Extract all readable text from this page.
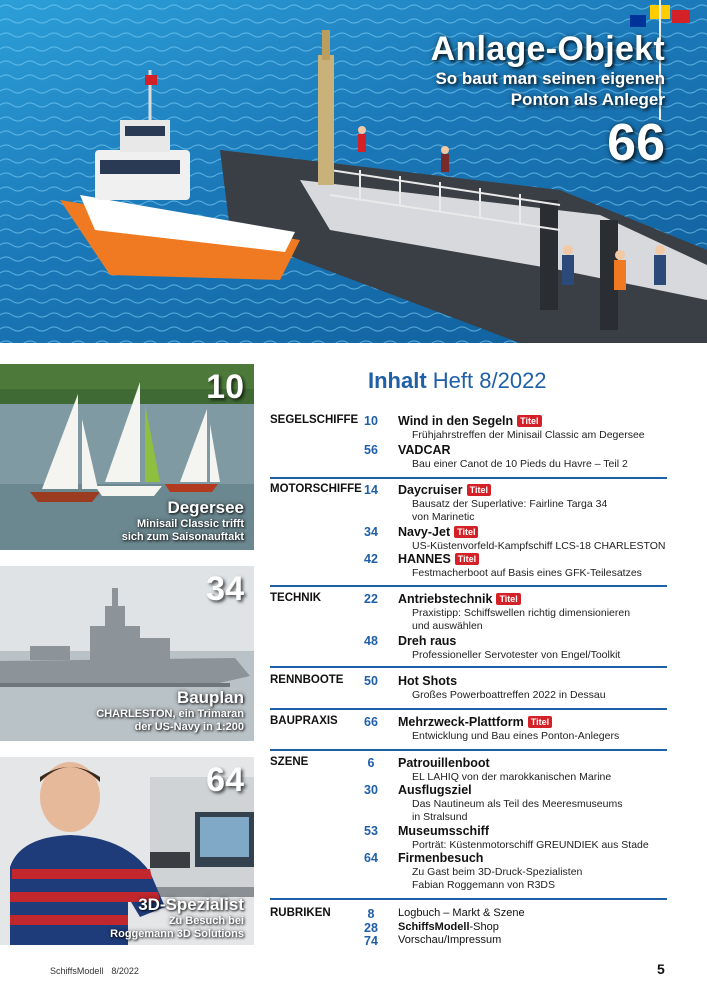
Anlage-Objekt
So baut man seinen eigenen
Ponton als Anleger
66
10
Degersee
Minisail Classic trifft
sich zum Saisonauftakt
34
Bauplan
CHARLESTON, ein Trimaran
der US-Navy in 1:200
64
3D-Spezialist
Zu Besuch bei
Roggemann 3D Solutions
Inhalt Heft 8/2022
SEGELSCHIFFE 10	Wind in den Segeln Titel
Frühjahrstreffen der Minisail Classic am Degersee
56	VADCAR
Bau einer Canot de 10 Pieds du Havre – Teil 2
MOTORSCHIFFE 14	Daycruiser Titel
Bausatz der Superlative: Fairline Targa 34
von Marinetic
34	Navy-Jet Titel
US-Küstenvorfeld-Kampfschiff LCS-18 CHARLESTON
42	HANNES Titel
Festmacherboot auf Basis eines GFK-Teilesatzes
TECHNIK	22	Antriebstechnik Titel
Praxistipp: Schiffswellen richtig dimensionieren
und auswählen
48	Dreh raus
Professioneller Servotester von Engel/Toolkit
RENNBOOTE	50	Hot Shots
Großes Powerboattreffen 2022 in Dessau
BAUPRAXIS	66	Mehrzweck-Plattform Titel
Entwicklung und Bau eines Ponton-Anlegers
SZENE	6	Patrouillenboot
EL LAHIQ von der marokkanischen Marine
30	Ausflugsziel
Das Nautineum als Teil des Meeresmuseums
in Stralsund
53	Museumsschiff
Porträt: Küstenmotorschiff GREUNDIEK aus Stade
64	Firmenbesuch
Zu Gast beim 3D-Druck-Spezialisten
Fabian Roggemann von R3DS
RUBRIKEN	8	Logbuch – Markt & Szene
28	SchiffsModell-Shop
74	Vorschau/Impressum
SchiffsModell 8/2022	5
